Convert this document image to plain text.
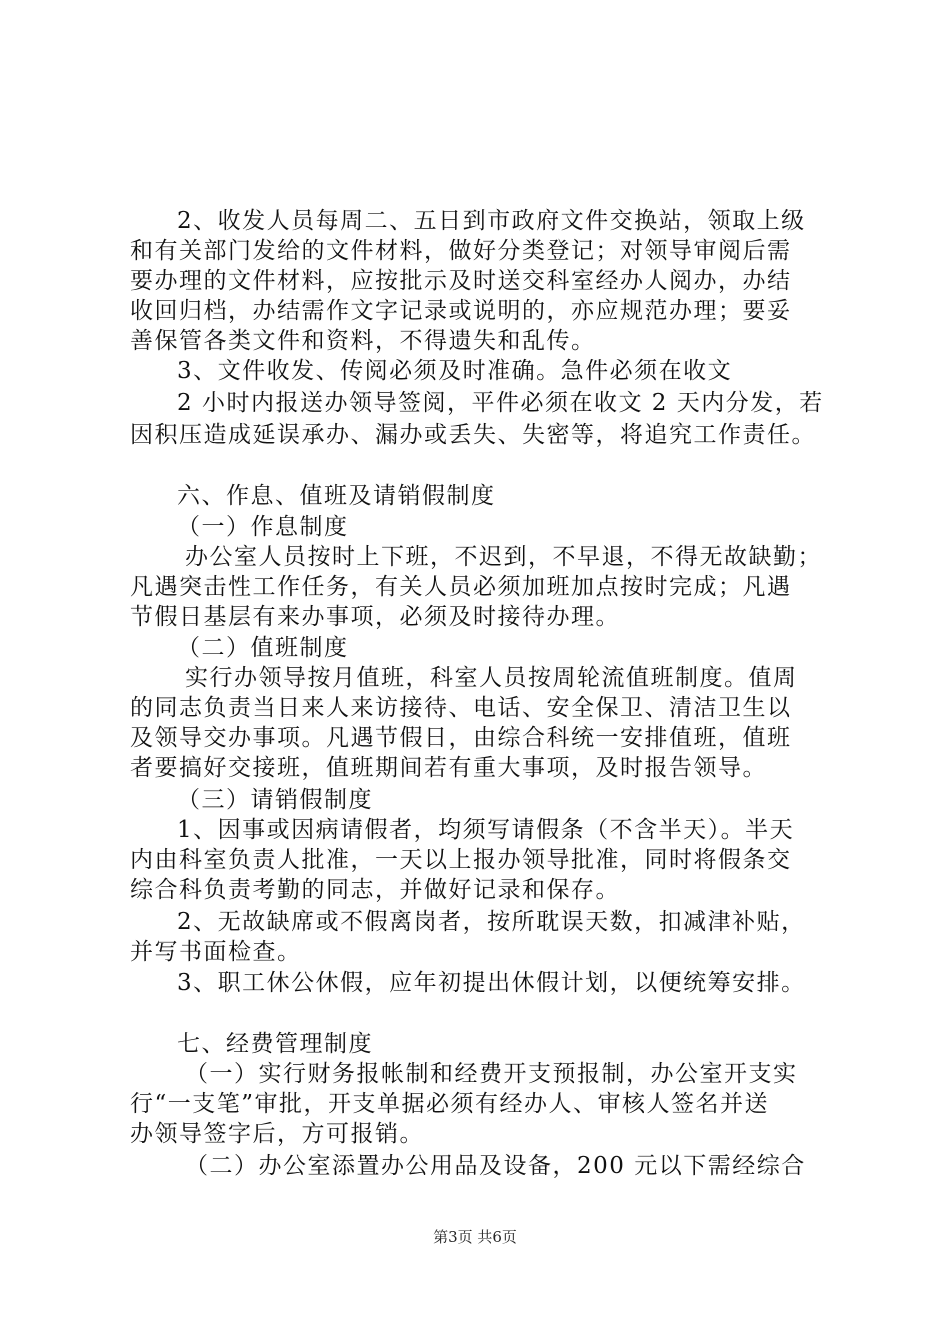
2、收发人员每周二、五日到市政府文件交换站，领取上级
和有关部门发给的文件材料，做好分类登记；对领导审阅后需
要办理的文件材料，应按批示及时送交科室经办人阅办，办结
收回归档，办结需作文字记录或说明的，亦应规范办理；要妥
善保管各类文件和资料，不得遗失和乱传。
3、文件收发、传阅必须及时准确。急件必须在收文
2 小时内报送办领导签阅，平件必须在收文 2 天内分发，若
因积压造成延误承办、漏办或丢失、失密等，将追究工作责任。
六、作息、值班及请销假制度
（一）作息制度
办公室人员按时上下班，不迟到，不早退，不得无故缺勤；
凡遇突击性工作任务，有关人员必须加班加点按时完成；凡遇
节假日基层有来办事项，必须及时接待办理。
（二）值班制度
实行办领导按月值班，科室人员按周轮流值班制度。值周
的同志负责当日来人来访接待、电话、安全保卫、清洁卫生以
及领导交办事项。凡遇节假日，由综合科统一安排值班，值班
者要搞好交接班，值班期间若有重大事项，及时报告领导。
（三）请销假制度
1、因事或因病请假者，均须写请假条（不含半天）。半天
内由科室负责人批准，一天以上报办领导批准，同时将假条交
综合科负责考勤的同志，并做好记录和保存。
2、无故缺席或不假离岗者，按所耽误天数，扣减津补贴，
并写书面检查。
3、职工休公休假，应年初提出休假计划，以便统筹安排。
七、经费管理制度
（一）实行财务报帐制和经费开支预报制，办公室开支实
行“一支笔”审批，开支单据必须有经办人、审核人签名并送
办领导签字后，方可报销。
（二）办公室添置办公用品及设备，200 元以下需经综合
第3页 共6页
